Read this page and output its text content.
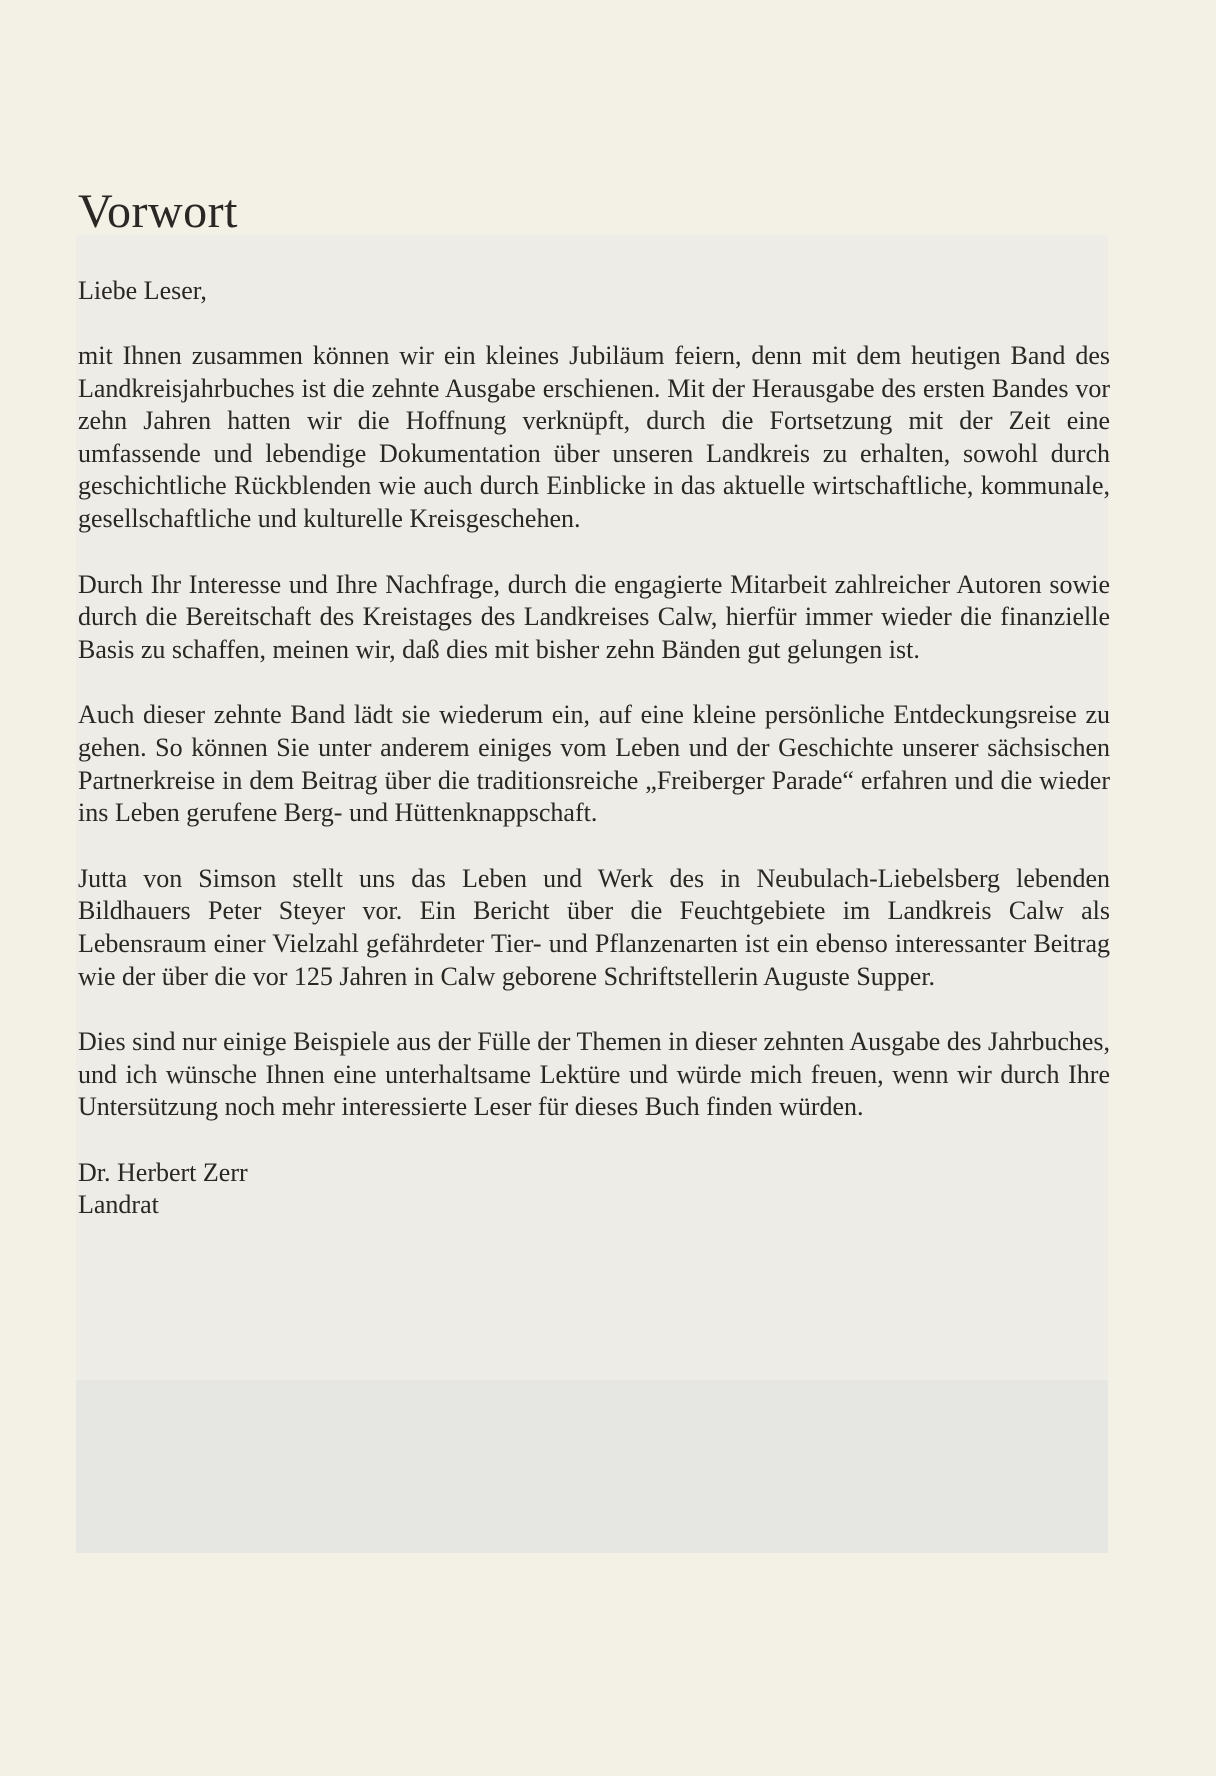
Vorwort

Liebe Leser,

mit Ihnen zusammen können wir ein kleines Jubiläum feiern, denn mit dem heutigen Band des Landkreisjahrbuches ist die zehnte Ausgabe erschienen. Mit der Herausgabe des ersten Bandes vor zehn Jahren hatten wir die Hoffnung verknüpft, durch die Fortsetzung mit der Zeit eine umfassende und lebendige Dokumentation über unseren Landkreis zu erhalten, sowohl durch geschichtliche Rückblenden wie auch durch Einblicke in das aktuelle wirtschaftliche, kommunale, gesellschaftliche und kulturelle Kreisgeschehen.

Durch Ihr Interesse und Ihre Nachfrage, durch die engagierte Mitarbeit zahlreicher Autoren sowie durch die Bereitschaft des Kreistages des Landkreises Calw, hierfür immer wieder die finanzielle Basis zu schaffen, meinen wir, daß dies mit bisher zehn Bänden gut gelungen ist.

Auch dieser zehnte Band lädt sie wiederum ein, auf eine kleine persönliche Entdeckungsreise zu gehen. So können Sie unter anderem einiges vom Leben und der Geschichte unserer sächsischen Partnerkreise in dem Beitrag über die traditionsreiche „Freiberger Parade“ erfahren und die wieder ins Leben gerufene Berg- und Hüttenknappschaft.

Jutta von Simson stellt uns das Leben und Werk des in Neubulach-Liebelsberg lebenden Bildhauers Peter Steyer vor. Ein Bericht über die Feuchtgebiete im Landkreis Calw als Lebensraum einer Vielzahl gefährdeter Tier- und Pflanzenarten ist ein ebenso interessanter Beitrag wie der über die vor 125 Jahren in Calw geborene Schriftstellerin Auguste Supper.

Dies sind nur einige Beispiele aus der Fülle der Themen in dieser zehnten Ausgabe des Jahrbuches, und ich wünsche Ihnen eine unterhaltsame Lektüre und würde mich freuen, wenn wir durch Ihre Untersützung noch mehr interessierte Leser für dieses Buch finden würden.

Dr. Herbert Zerr

Landrat
